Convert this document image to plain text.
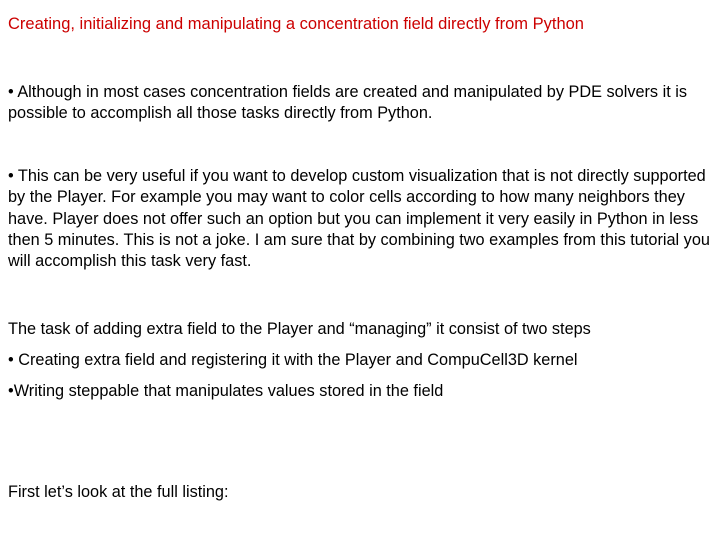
Creating, initializing and manipulating a concentration field directly from Python

• Although in most cases concentration fields are created and manipulated by PDE solvers it is possible to accomplish all those tasks directly from Python.

• This can be very useful if you want to develop custom visualization that is not directly supported by the Player. For example you may want to color cells according to how many neighbors they have. Player does not offer such an option but you can implement it very easily in Python in less then 5 minutes. This is not a joke. I am sure that by combining two examples from this tutorial you will accomplish this task very fast.

The task of adding extra field to the Player and “managing” it consist of two steps

• Creating extra field and registering it with the Player and CompuCell3D kernel

•Writing steppable that manipulates values stored in the field

First let’s look at the full listing:
